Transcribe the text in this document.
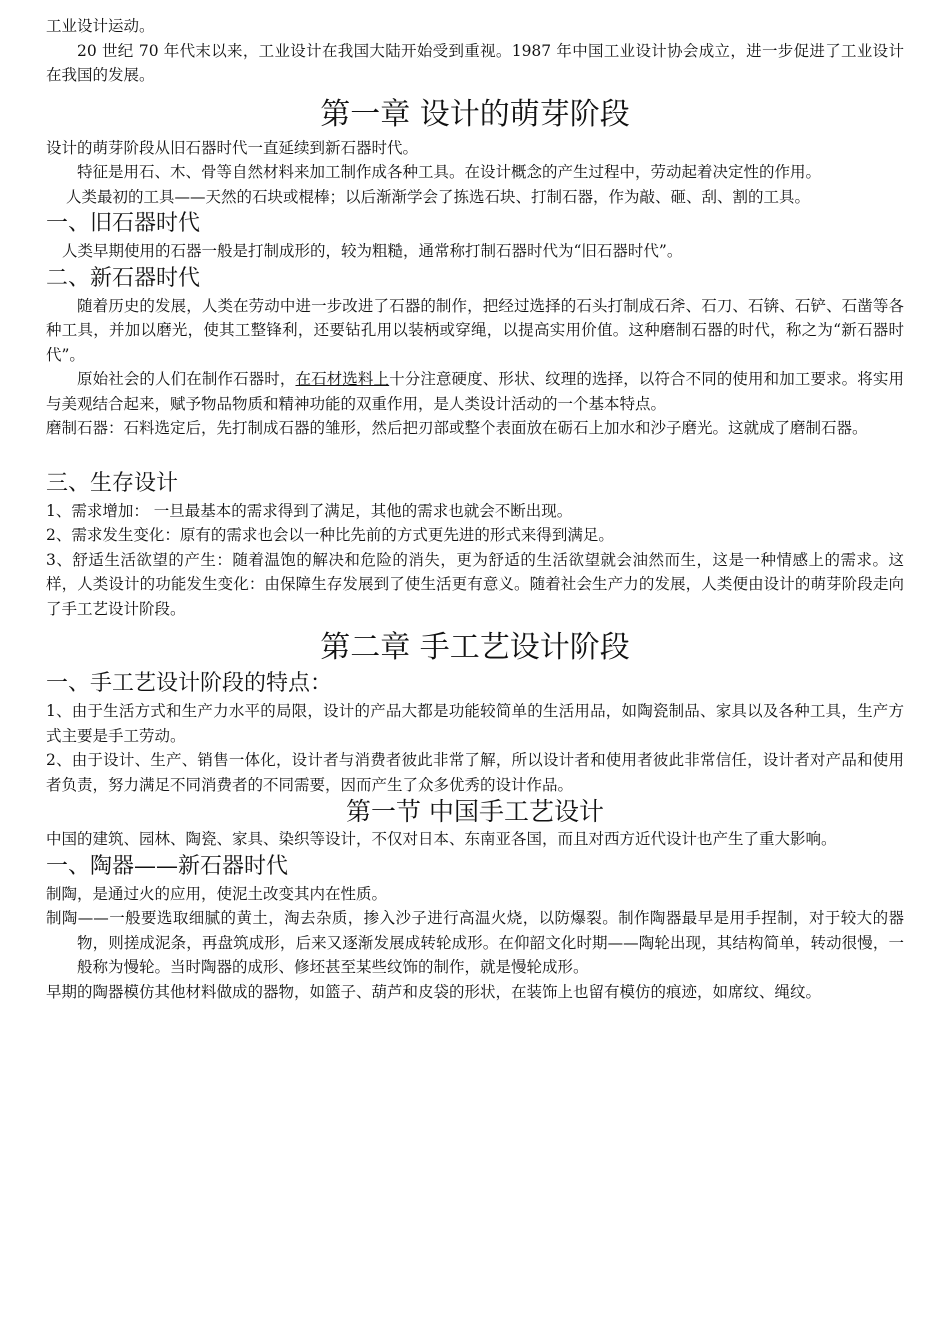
工业设计运动。

20 世纪 70 年代末以来，工业设计在我国大陆开始受到重视。1987 年中国工业设计协会成立，进一步促进了工业设计在我国的发展。

第一章 设计的萌芽阶段

设计的萌芽阶段从旧石器时代一直延续到新石器时代。

特征是用石、木、骨等自然材料来加工制作成各种工具。在设计概念的产生过程中，劳动起着决定性的作用。

人类最初的工具——天然的石块或棍棒；以后渐渐学会了拣选石块、打制石器，作为敲、砸、刮、割的工具。

一、旧石器时代

人类早期使用的石器一般是打制成形的，较为粗糙，通常称打制石器时代为“旧石器时代”。

二、新石器时代

随着历史的发展，人类在劳动中进一步改进了石器的制作，把经过选择的石头打制成石斧、石刀、石锛、石铲、石凿等各种工具，并加以磨光，使其工整锋利，还要钻孔用以装柄或穿绳，以提高实用价值。这种磨制石器的时代，称之为“新石器时代”。

原始社会的人们在制作石器时，在石材选料上十分注意硬度、形状、纹理的选择，以符合不同的使用和加工要求。将实用与美观结合起来，赋予物品物质和精神功能的双重作用，是人类设计活动的一个基本特点。

磨制石器：石料选定后，先打制成石器的雏形，然后把刃部或整个表面放在砺石上加水和沙子磨光。这就成了磨制石器。

三、生存设计

1、需求增加： 一旦最基本的需求得到了满足，其他的需求也就会不断出现。

2、需求发生变化：原有的需求也会以一种比先前的方式更先进的形式来得到满足。

3、舒适生活欲望的产生：随着温饱的解决和危险的消失，更为舒适的生活欲望就会油然而生，这是一种情感上的需求。这样，人类设计的功能发生变化：由保障生存发展到了使生活更有意义。随着社会生产力的发展，人类便由设计的萌芽阶段走向了手工艺设计阶段。

第二章 手工艺设计阶段
一、手工艺设计阶段的特点：

1、由于生活方式和生产力水平的局限，设计的产品大都是功能较简单的生活用品，如陶瓷制品、家具以及各种工具，生产方式主要是手工劳动。

2、由于设计、生产、销售一体化，设计者与消费者彼此非常了解，所以设计者和使用者彼此非常信任，设计者对产品和使用者负责，努力满足不同消费者的不同需要，因而产生了众多优秀的设计作品。

第一节 中国手工艺设计

中国的建筑、园林、陶瓷、家具、染织等设计，不仅对日本、东南亚各国，而且对西方近代设计也产生了重大影响。

一、陶器——新石器时代

制陶，是通过火的应用，使泥土改变其内在性质。

制陶——一般要选取细腻的黄土，淘去杂质，掺入沙子进行高温火烧，以防爆裂。制作陶器最早是用手捏制，对于较大的器物，则搓成泥条，再盘筑成形，后来又逐渐发展成转轮成形。在仰韶文化时期——陶轮出现，其结构简单，转动很慢，一般称为慢轮。当时陶器的成形、修坯甚至某些纹饰的制作，就是慢轮成形。

早期的陶器模仿其他材料做成的器物，如篮子、葫芦和皮袋的形状，在装饰上也留有模仿的痕迹，如席纹、绳纹。
